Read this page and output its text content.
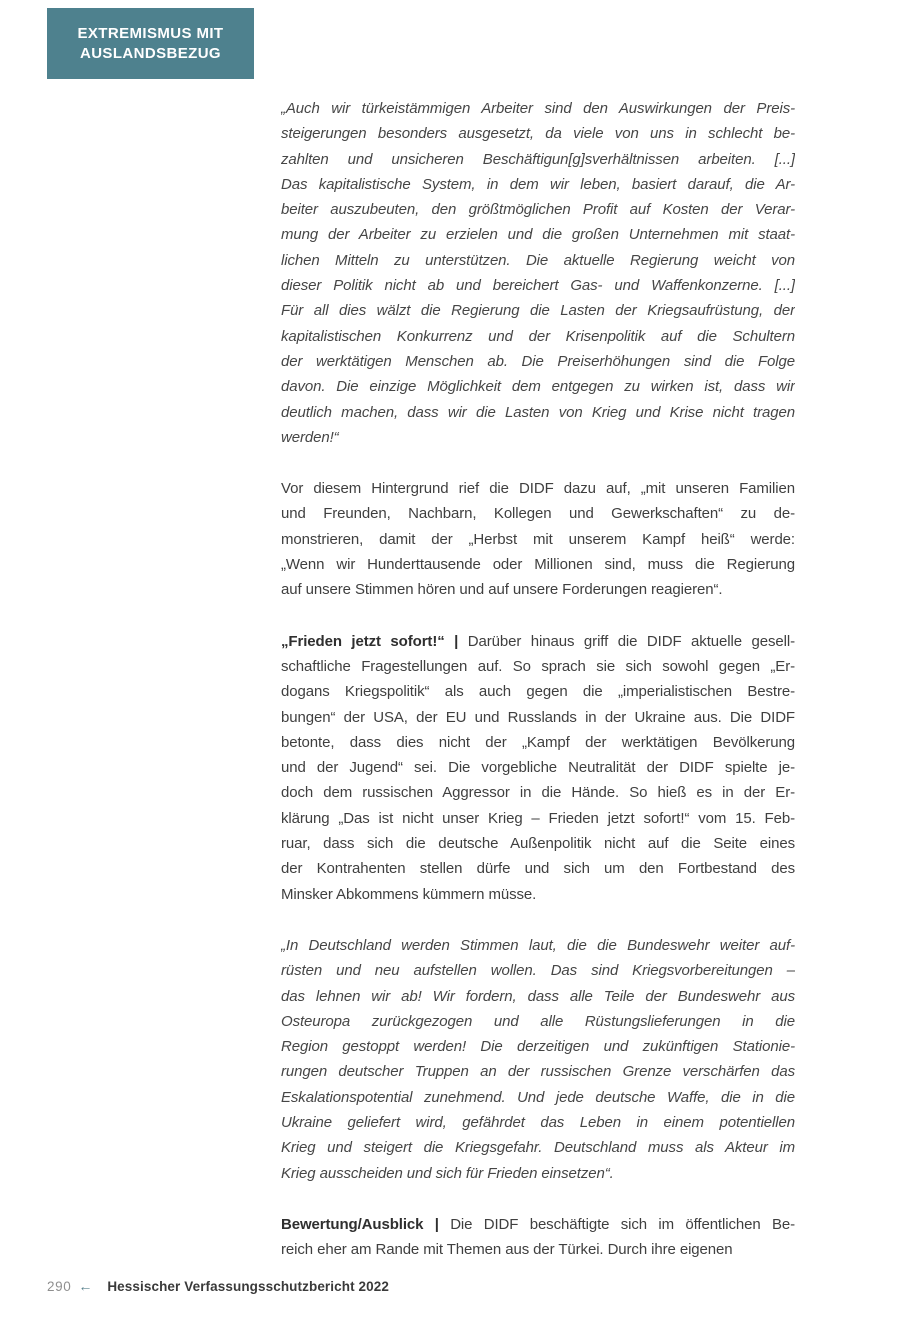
EXTREMISMUS MIT
AUSLANDSBEZUG
„Auch wir türkeistämmigen Arbeiter sind den Auswirkungen der Preis-
steigerungen besonders ausgesetzt, da viele von uns in schlecht be-
zahlten und unsicheren Beschäftigun[g]sverhältnissen arbeiten. [...]
Das kapitalistische System, in dem wir leben, basiert darauf, die Ar-
beiter auszubeuten, den größtmöglichen Profit auf Kosten der Verar-
mung der Arbeiter zu erzielen und die großen Unternehmen mit staat-
lichen Mitteln zu unterstützen. Die aktuelle Regierung weicht von
dieser Politik nicht ab und bereichert Gas- und Waffenkonzerne. [...]
Für all dies wälzt die Regierung die Lasten der Kriegsaufrüstung, der
kapitalistischen Konkurrenz und der Krisenpolitik auf die Schultern
der werktätigen Menschen ab. Die Preiserhöhungen sind die Folge
davon. Die einzige Möglichkeit dem entgegen zu wirken ist, dass wir
deutlich machen, dass wir die Lasten von Krieg und Krise nicht tragen
werden!“
Vor diesem Hintergrund rief die DIDF dazu auf, „mit unseren Familien
und Freunden, Nachbarn, Kollegen und Gewerkschaften“ zu de-
monstrieren, damit der „Herbst mit unserem Kampf heiß“ werde:
„Wenn wir Hunderttausende oder Millionen sind, muss die Regierung
auf unsere Stimmen hören und auf unsere Forderungen reagieren“.
„Frieden jetzt sofort!“ | Darüber hinaus griff die DIDF aktuelle gesell-
schaftliche Fragestellungen auf. So sprach sie sich sowohl gegen „Er-
dogans Kriegspolitik“ als auch gegen die „imperialistischen Bestre-
bungen“ der USA, der EU und Russlands in der Ukraine aus. Die DIDF
betonte, dass dies nicht der „Kampf der werktätigen Bevölkerung
und der Jugend“ sei. Die vorgebliche Neutralität der DIDF spielte je-
doch dem russischen Aggressor in die Hände. So hieß es in der Er-
klärung „Das ist nicht unser Krieg – Frieden jetzt sofort!“ vom 15. Feb-
ruar, dass sich die deutsche Außenpolitik nicht auf die Seite eines
der Kontrahenten stellen dürfe und sich um den Fortbestand des
Minsker Abkommens kümmern müsse.
„In Deutschland werden Stimmen laut, die die Bundeswehr weiter auf-
rüsten und neu aufstellen wollen. Das sind Kriegsvorbereitungen –
das lehnen wir ab! Wir fordern, dass alle Teile der Bundeswehr aus
Osteuropa zurückgezogen und alle Rüstungslieferungen in die
Region gestoppt werden! Die derzeitigen und zukünftigen Stationie-
rungen deutscher Truppen an der russischen Grenze verschärfen das
Eskalationspotential zunehmend. Und jede deutsche Waffe, die in die
Ukraine geliefert wird, gefährdet das Leben in einem potentiellen
Krieg und steigert die Kriegsgefahr. Deutschland muss als Akteur im
Krieg ausscheiden und sich für Frieden einsetzen“.
Bewertung/Ausblick | Die DIDF beschäftigte sich im öffentlichen Be-
reich eher am Rande mit Themen aus der Türkei. Durch ihre eigenen
290 ← Hessischer Verfassungsschutzbericht 2022
